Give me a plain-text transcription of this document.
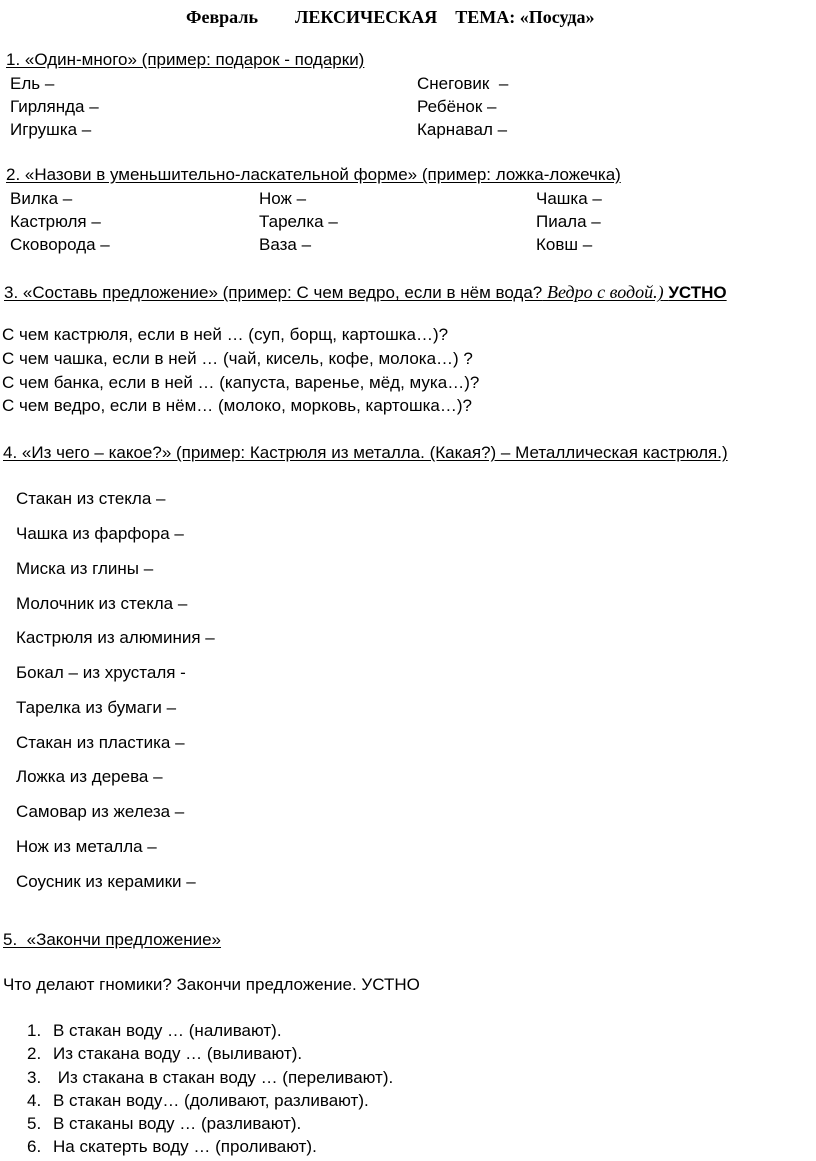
Февраль ЛЕКСИЧЕСКАЯ    ТЕМА: «Посуда»
1. «Один-много» (пример: подарок - подарки)
Ель –
Гирлянда –
Игрушка –
Снеговик  –
Ребёнок –
Карнавал –
2. «Назови в уменьшительно-ласкательной форме» (пример: ложка-ложечка)
Вилка –
Кастрюля –
Сковорода –
Нож –
Тарелка –
Ваза –
Чашка –
Пиала –
Ковш –
3. «Составь предложение» (пример: С чем ведро, если в нём вода? Ведро с водой.) УСТНО
С чем кастрюля, если в ней … (суп, борщ, картошка…)?
С чем чашка, если в ней … (чай, кисель, кофе, молока…) ?
С чем банка, если в ней … (капуста, варенье, мёд, мука…)?
С чем ведро, если в нём… (молоко, морковь, картошка…)?
4. «Из чего – какое?» (пример: Кастрюля из металла. (Какая?) – Металлическая кастрюля.)
Стакан из стекла –
Чашка из фарфора –
Миска из глины –
Молочник из стекла –
Кастрюля из алюминия –
Бокал – из хрусталя -
Тарелка из бумаги –
Стакан из пластика –
Ложка из дерева –
Самовар из железа –
Нож из металла –
Соусник из керамики –
5.  «Закончи предложение»
Что делают гномики? Закончи предложение. УСТНО
1. В стакан воду … (наливают).
2. Из стакана воду … (выливают).
3. Из стакана в стакан воду … (переливают).
4. В стакан воду… (доливают, разливают).
5. В стаканы воду … (разливают).
6. На скатерть воду … (проливают).
